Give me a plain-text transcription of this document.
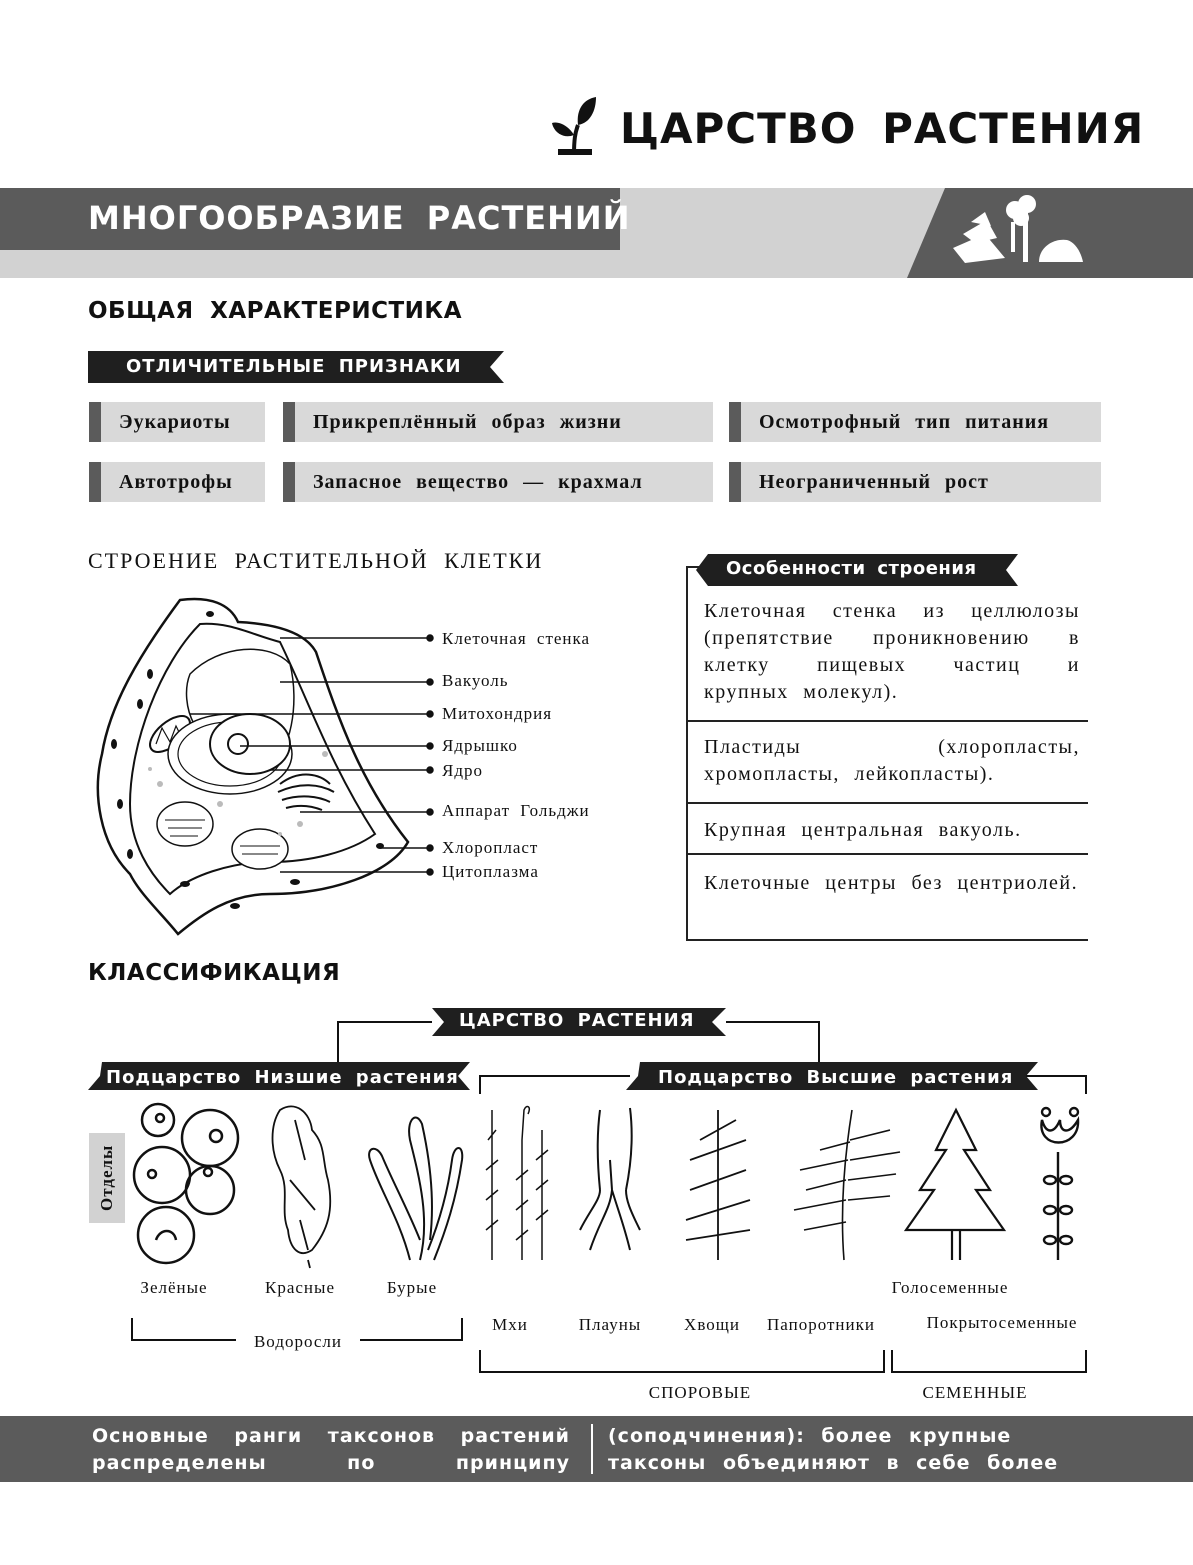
ЦАРСТВО РАСТЕНИЯ
МНОГООБРАЗИЕ РАСТЕНИЙ
ОБЩАЯ ХАРАКТЕРИСТИКА
ОТЛИЧИТЕЛЬНЫЕ ПРИЗНАКИ
Эукариоты	Прикреплённый образ жизни	Осмотрофный тип питания
Автотрофы	Запасное вещество — крахмал	Неограниченный рост
СТРОЕНИЕ РАСТИТЕЛЬНОЙ КЛЕТКИ
Клеточная стенка
Вакуоль
Митохондрия
Ядрышко
Ядро
Аппарат Гольджи
Хлоропласт
Цитоплазма
Клеточная стенка из целлюлозы (препятствие проникновению в клетку пищевых частиц и крупных молекул).
Пластиды (хлоропласты, хромопласты, лейкопласты).
Крупная центральная вакуоль.
Клеточные центры без центриолей.
Особенности строения
КЛАССИФИКАЦИЯ
ЦАРСТВО РАСТЕНИЯ
Подцарство Низшие растения	Подцарство Высшие растения
Отделы
Зелёные	Красные	Бурые	Голосеменные
Мхи	Плауны	Хвощи	Папоротники	Покрытосеменные
Водоросли
СПОРОВЫЕ	СЕМЕННЫЕ
Основные ранги таксонов растений распределены по принципу иерархичности
(соподчинения): более крупные таксоны объединяют в себе более мелкие.
